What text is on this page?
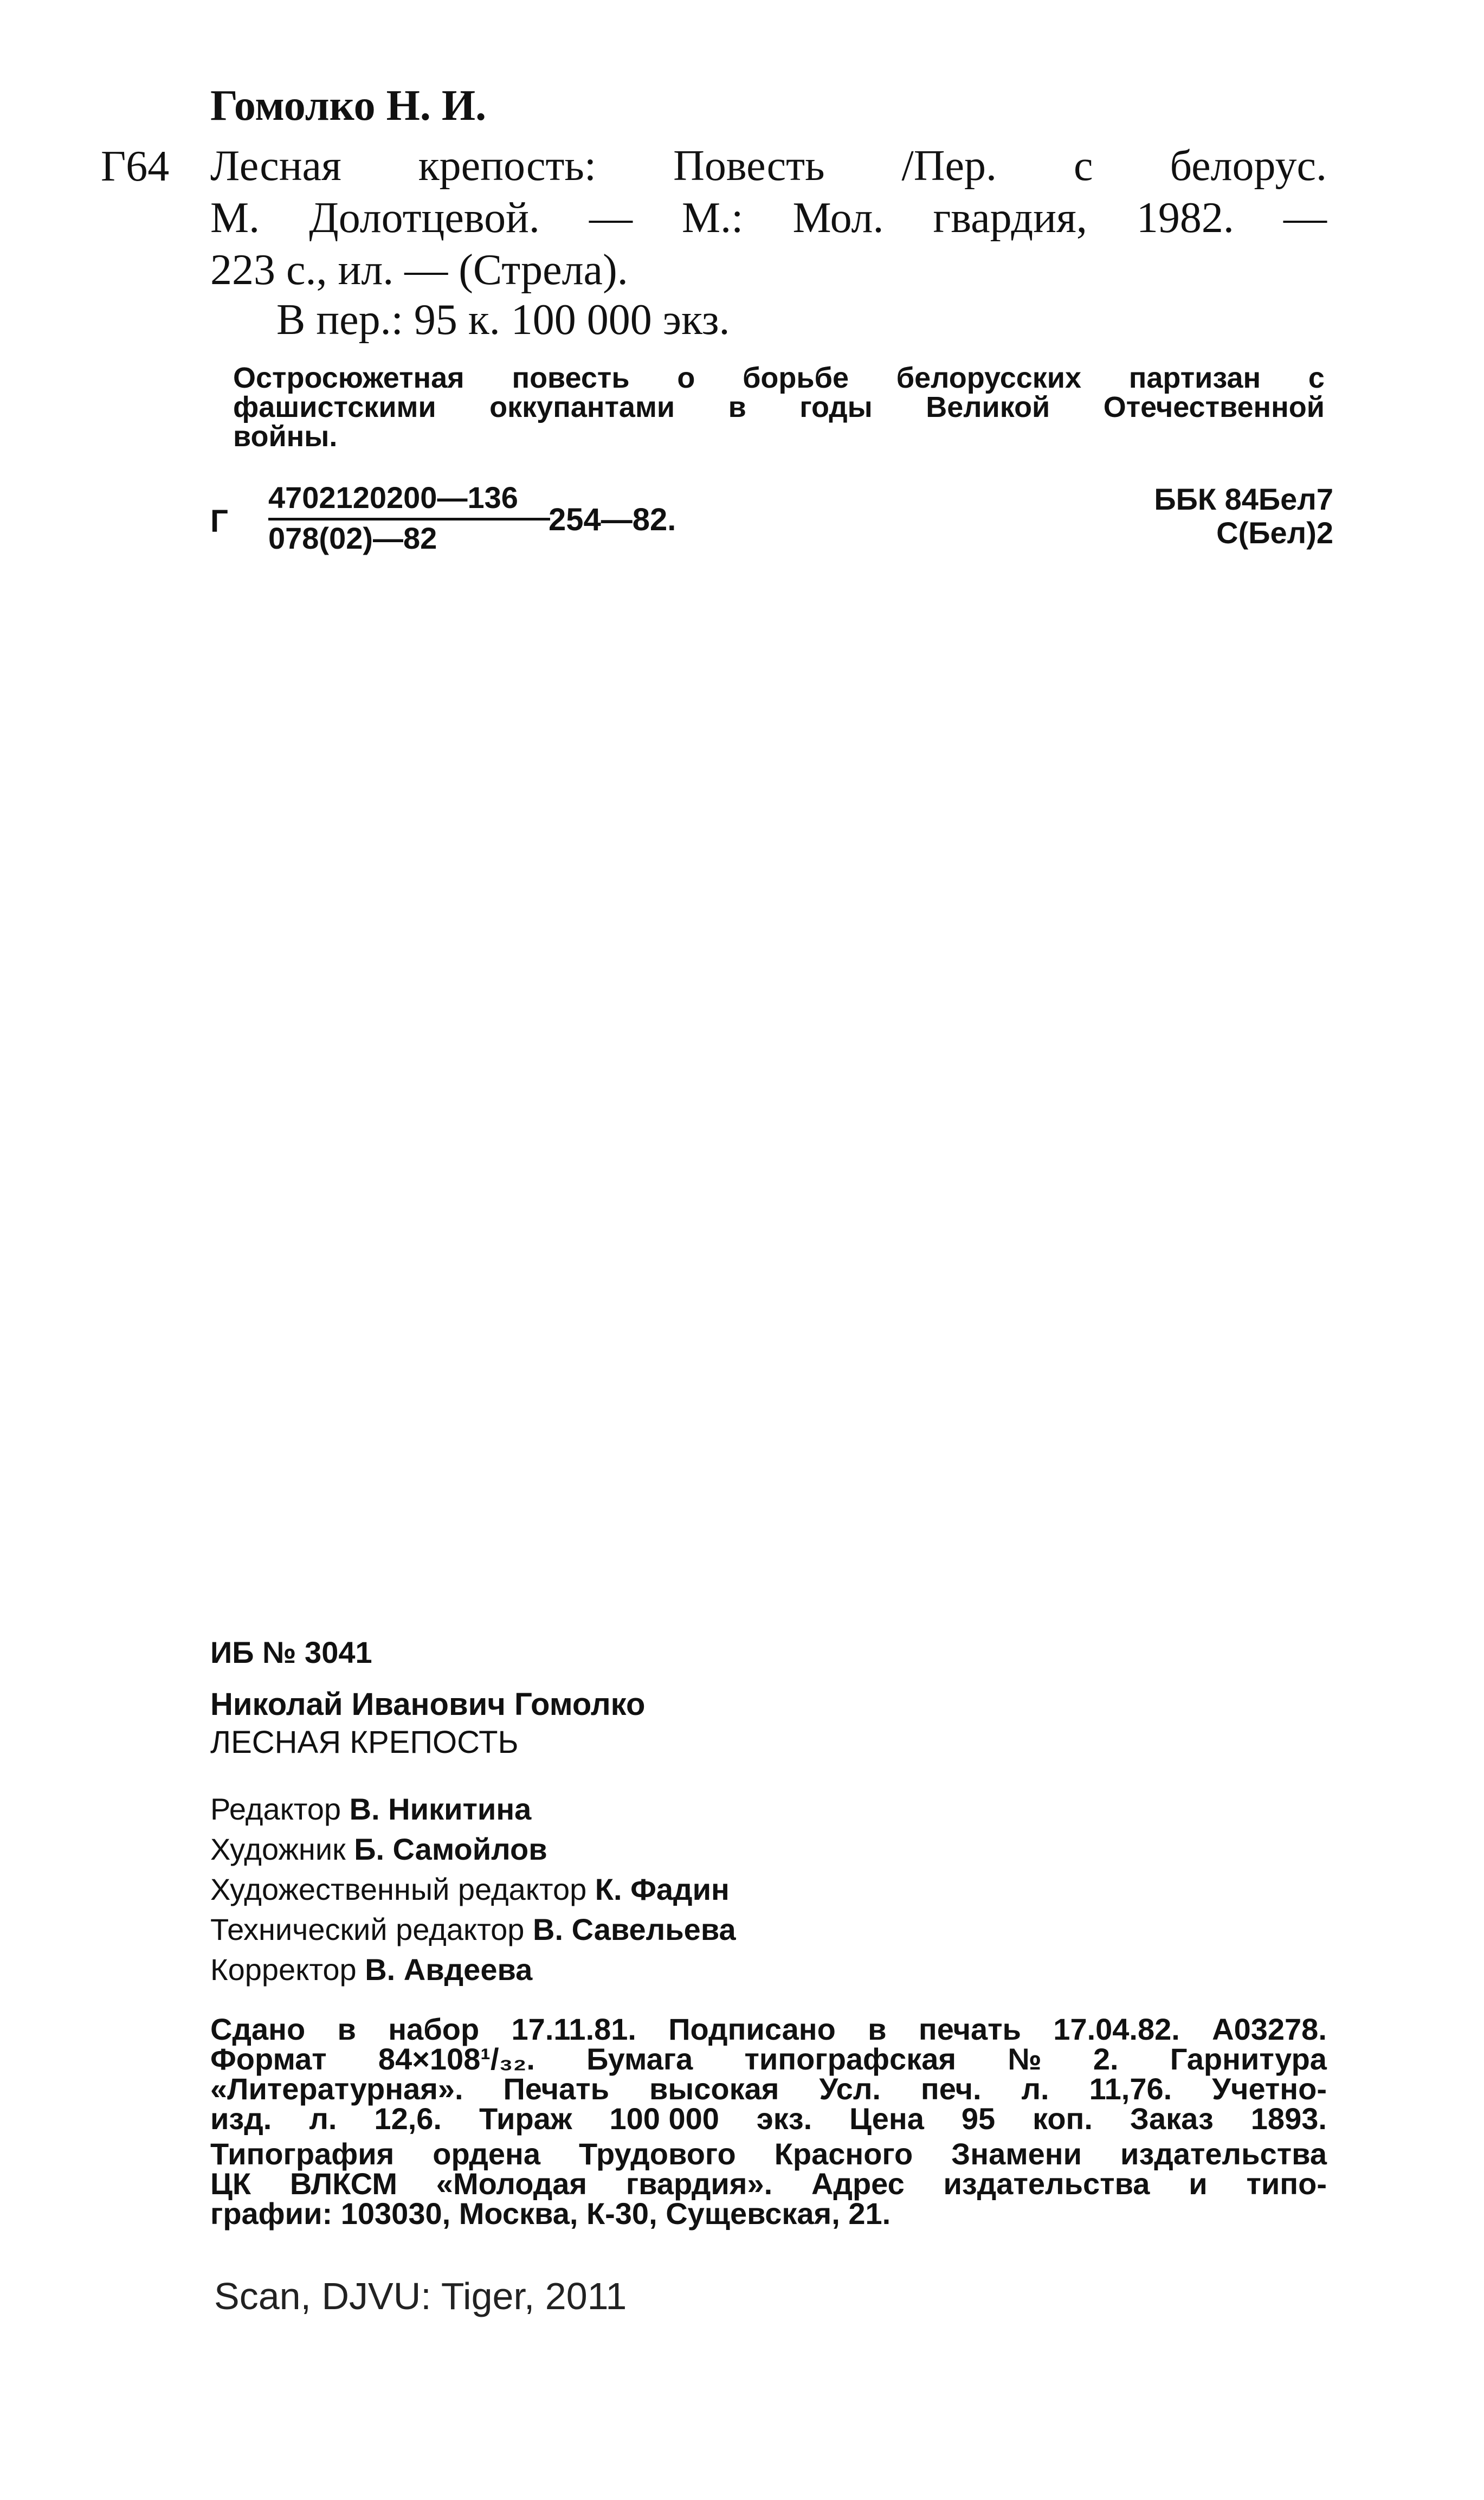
Гомолко Н. И.
Г64 Лесная крепость: Повесть /Пер. с белорус.
М. Долотцевой. — М.: Мол. гвардия, 1982. —
223 с., ил. — (Стрела).
В пер.: 95 к. 100 000 экз.
Остросюжетная повесть о борьбе белорусских партизан с
фашистскими оккупантами в годы Великой Отечественной
войны.
Г
4702120200—136
078(02)—82
254—82.
ББК 84Бел7
С(Бел)2
ИБ № 3041
Николай Иванович Гомолко
ЛЕСНАЯ КРЕПОСТЬ
Редактор В. Никитина
Художник Б. Самойлов
Художественный редактор К. Фадин
Технический редактор В. Савельева
Корректор В. Авдеева
Сдано в набор 17.11.81. Подписано в печать 17.04.82. А03278.
Формат 84×108¹/₃₂. Бумага типографская № 2. Гарнитура
«Литературная». Печать высокая Усл. печ. л. 11,76. Учетно-
изд. л. 12,6. Тираж 100 000 экз. Цена 95 коп. Заказ 1893.
Типография ордена Трудового Красного Знамени издательства
ЦК ВЛКСМ «Молодая гвардия». Адрес издательства и типо-
графии: 103030, Москва, К-30, Сущевская, 21.
Scan, DJVU: Tiger, 2011
